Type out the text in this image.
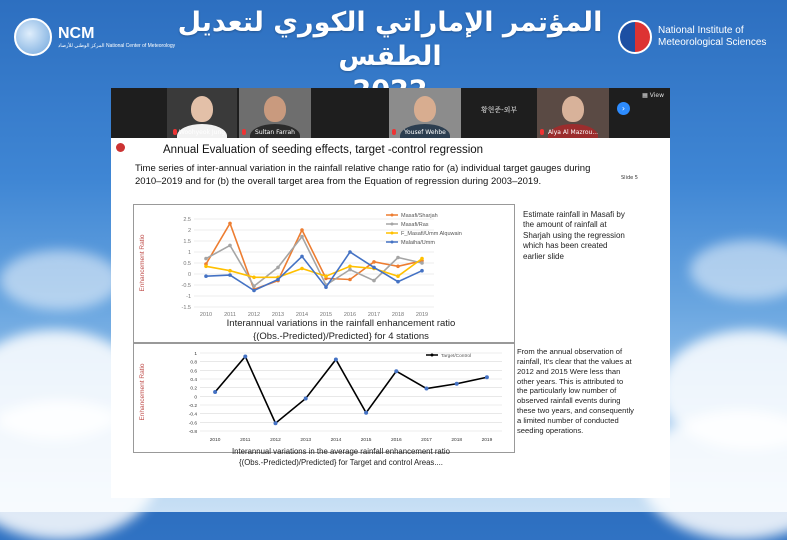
NCM
المركز الوطني للأرصاد National Center of Meteorology
المؤتمر الإماراتي الكوري لتعديل الطقس
National Institute of
Meteorological Sciences
Woohyeok Jung	Sultan Farrah	Yousef Wehbe
황현준-외부
Alya Al Mazrou...
›
▦ View
Annual Evaluation of seeding effects, target -control regression
Time series of inter-annual variation in the rainfall relative change ratio for (a) individual target gauges during 2010–2019 and for (b) the overall target area from the Equation of regression during 2003–2019.	Slide 5
Enhancement Ratio
2.5
2
1.5
1
0.5
0
-0.5
-1
-1.5
2010 2011 2012 2013 2014 2015 2016 2017 2018 2019
Masafi/Sharjah
Masafi/Ras
F_Masafi/Umm Alquwain
Malaiha/Umm
Interannual variations in the rainfall enhancement ratio
{(Obs.-Predicted)/Predicted} for 4 stations
Estimate rainfall in Masafi by the amount of rainfall at Sharjah using the regression which has been created earlier slide
Enhancement Ratio
1
0.8
0.6
0.4
0.2
0
-0.2
-0.4
-0.6
-0.8
2010	2011	2012	2013	2014	2015	2016	2017	2018	2019
Target/Control
Interannual variations in the average rainfall enhancement ratio
{(Obs.-Predicted)/Predicted} for Target and control Areas....
From the annual observation of rainfall, It's clear that the values at 2012 and 2015 Were less than other years. This is attributed to the particularly low number of observed rainfall events during these two years, and consequently a limited number of conducted seeding operations.
